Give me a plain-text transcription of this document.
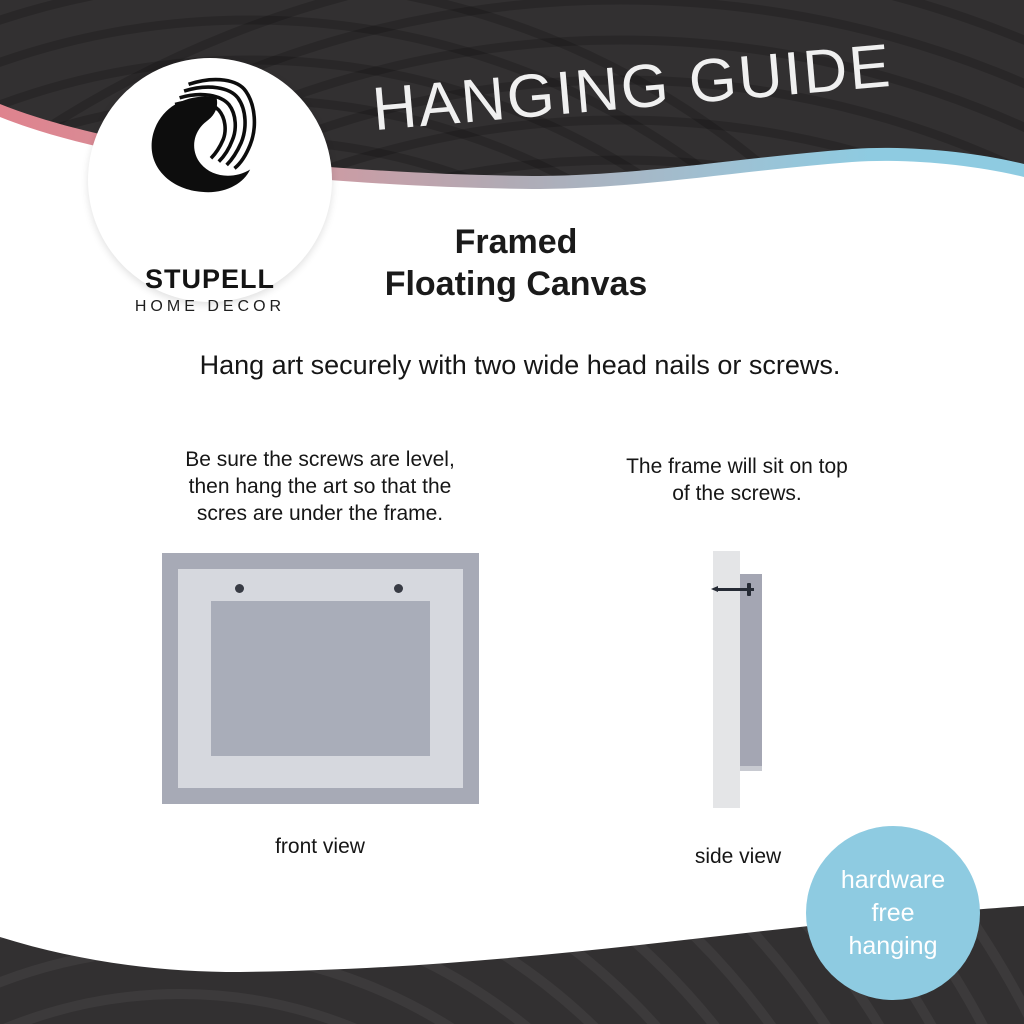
HANGING GUIDE
STUPELL
HOME DECOR
Framed
Floating Canvas
Hang art securely with two wide head nails or screws.
Be sure the screws are level,
then hang the art so that the
scres are under the frame.
The frame will sit on top
of the screws.
front view	side view
hardware
free
hanging
